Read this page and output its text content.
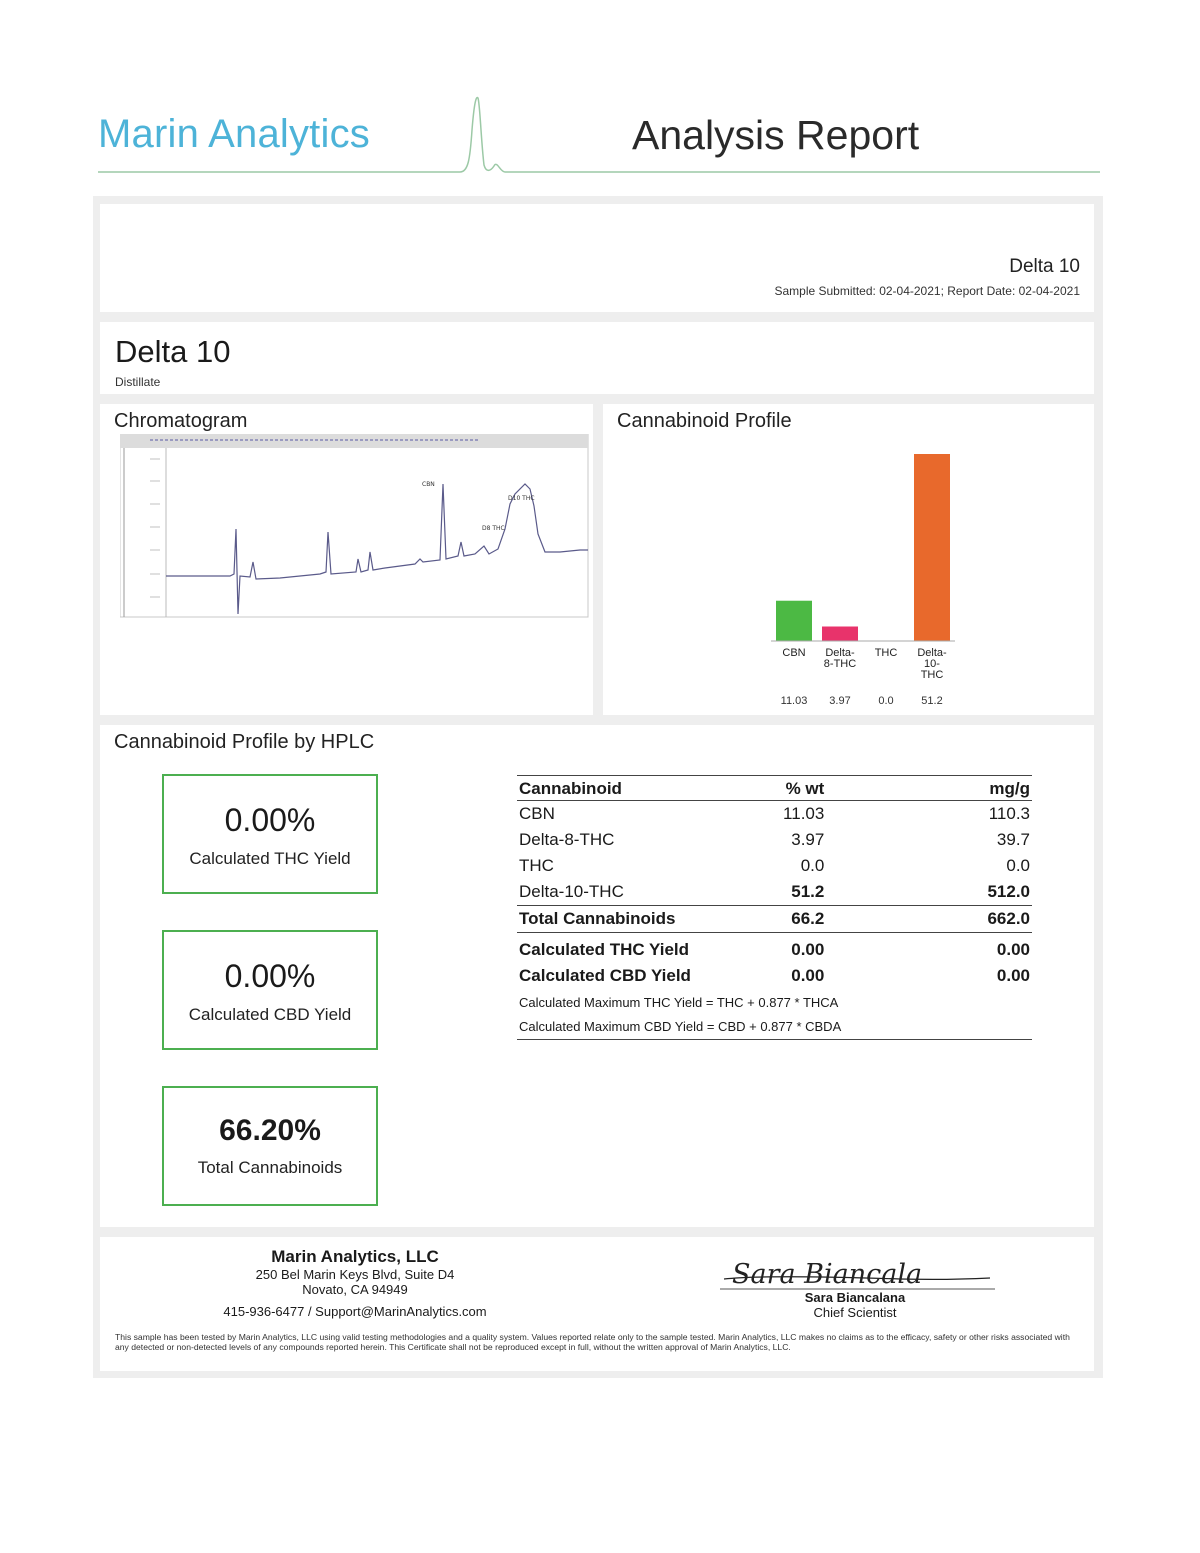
Marin Analytics	Analysis Report
Delta 10
Sample Submitted: 02-04-2021; Report Date: 02-04-2021
Delta 10
Distillate
Chromatogram
CBN
D8 THC
D10 THC
Cannabinoid Profile
CBN
11.03
Delta-
8-THC
3.97
THC
0.0
Delta-
10-
THC
51.2
Cannabinoid Profile by HPLC
0.00%
Calculated THC Yield
0.00%
Calculated CBD Yield
66.20%
Total Cannabinoids
Cannabinoid	% wt	mg/g
CBN	11.03	110.3
Delta-8-THC	3.97	39.7
THC	0.0	0.0
Delta-10-THC	51.2	512.0
Total Cannabinoids	66.2	662.0
Calculated THC Yield	0.00	0.00
Calculated CBD Yield	0.00	0.00
Calculated Maximum THC Yield = THC + 0.877 * THCA		
Calculated Maximum CBD Yield = CBD + 0.877 * CBDA		
Marin Analytics, LLC
250 Bel Marin Keys Blvd, Suite D4
Novato, CA 94949
415-936-6477 / Support@MarinAnalytics.com
Sara Biancala
Sara Biancalana
Chief Scientist
This sample has been tested by Marin Analytics, LLC using valid testing methodologies and a quality system. Values reported relate only to the sample tested. Marin Analytics, LLC makes no claims as to the efficacy, safety or other risks associated with any detected or non-detected levels of any compounds reported herein. This Certificate shall not be reproduced except in full, without the written approval of Marin Analytics, LLC.
